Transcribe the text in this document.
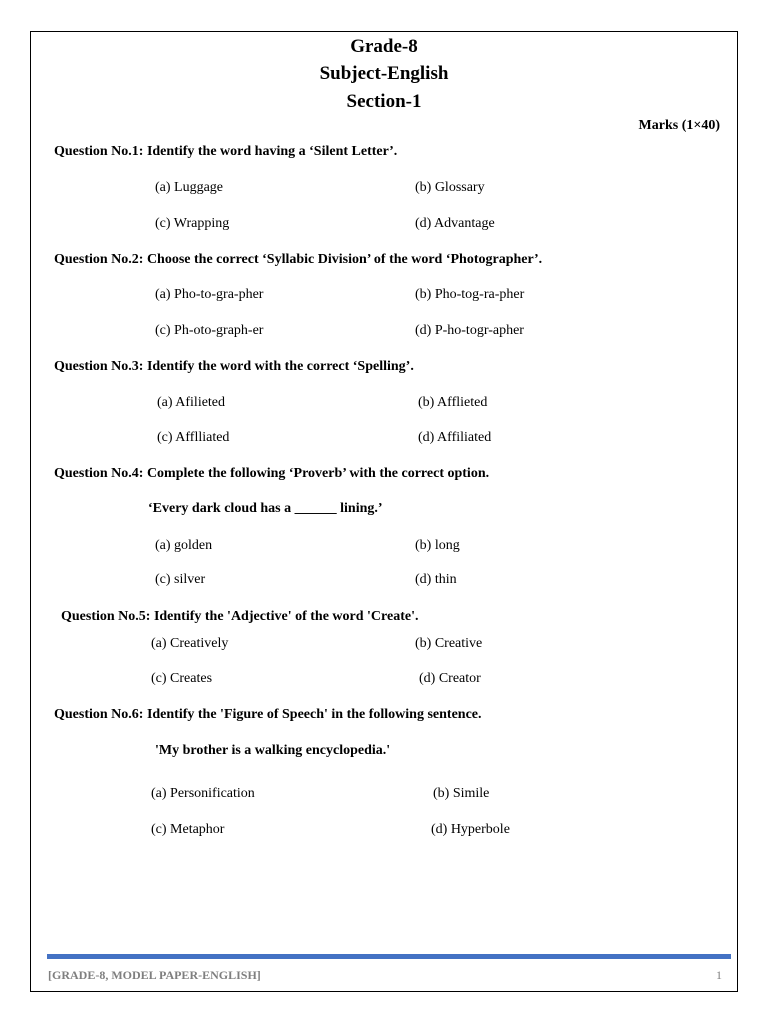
Grade-8
Subject-English
Section-1
Marks (1×40)
Question No.1: Identify the word having a ‘Silent Letter’.
(a) Luggage	(b) Glossary
(c) Wrapping	(d) Advantage
Question No.2: Choose the correct ‘Syllabic Division’ of the word ‘Photographer’.
(a) Pho-to-gra-pher	(b) Pho-tog-ra-pher
(c) Ph-oto-graph-er	(d) P-ho-togr-apher
Question No.3: Identify the word with the correct ‘Spelling’.
(a) Afilieted	(b) Afflieted
(c) Afflliated	(d) Affiliated
Question No.4: Complete the following ‘Proverb’ with the correct option.
‘Every dark cloud has a ______ lining.’
(a) golden	(b) long
(c) silver	(d) thin
Question No.5: Identify the 'Adjective' of the word 'Create'.
(a) Creatively	(b) Creative
(c) Creates	(d) Creator
Question No.6: Identify the 'Figure of Speech' in the following sentence.
'My brother is a walking encyclopedia.'
(a) Personification	(b) Simile
(c) Metaphor	(d) Hyperbole
[GRADE-8, MODEL PAPER-ENGLISH]	1
